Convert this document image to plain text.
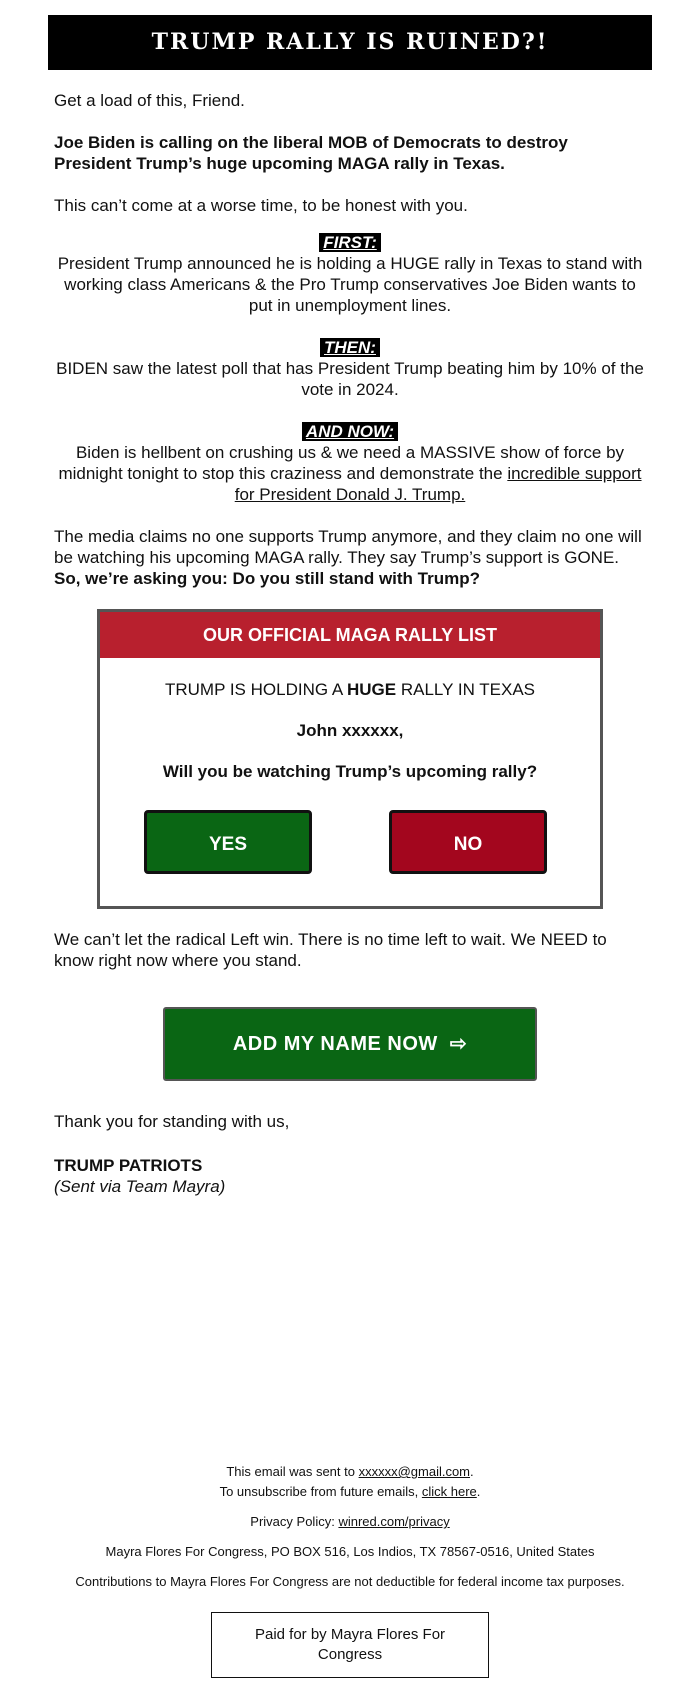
TRUMP RALLY IS RUINED?!

Get a load of this, Friend.

Joe Biden is calling on the liberal MOB of Democrats to destroy President Trump’s huge upcoming MAGA rally in Texas.

This can’t come at a worse time, to be honest with you.

FIRST:

President Trump announced he is holding a HUGE rally in Texas to stand with working class Americans & the Pro Trump conservatives Joe Biden wants to put in unemployment lines.

THEN:

BIDEN saw the latest poll that has President Trump beating him by 10% of the vote in 2024.

AND NOW:

Biden is hellbent on crushing us & we need a MASSIVE show of force by midnight tonight to stop this craziness and demonstrate the incredible support for President Donald J. Trump.

The media claims no one supports Trump anymore, and they claim no one will be watching his upcoming MAGA rally. They say Trump’s support is GONE. So, we’re asking you: Do you still stand with Trump?

OUR OFFICIAL MAGA RALLY LIST

TRUMP IS HOLDING A HUGE RALLY IN TEXAS

John xxxxxx,

Will you be watching Trump’s upcoming rally?

YES	NO

We can’t let the radical Left win. There is no time left to wait. We NEED to know right now where you stand.

ADD MY NAME NOW ⇨

Thank you for standing with us,

TRUMP PATRIOTS

(Sent via Team Mayra)

This email was sent to xxxxxx@gmail.com.

To unsubscribe from future emails, click here.

Privacy Policy: winred.com/privacy

Mayra Flores For Congress, PO BOX 516, Los Indios, TX 78567-0516, United States

Contributions to Mayra Flores For Congress are not deductible for federal income tax purposes.

Paid for by Mayra Flores For Congress
